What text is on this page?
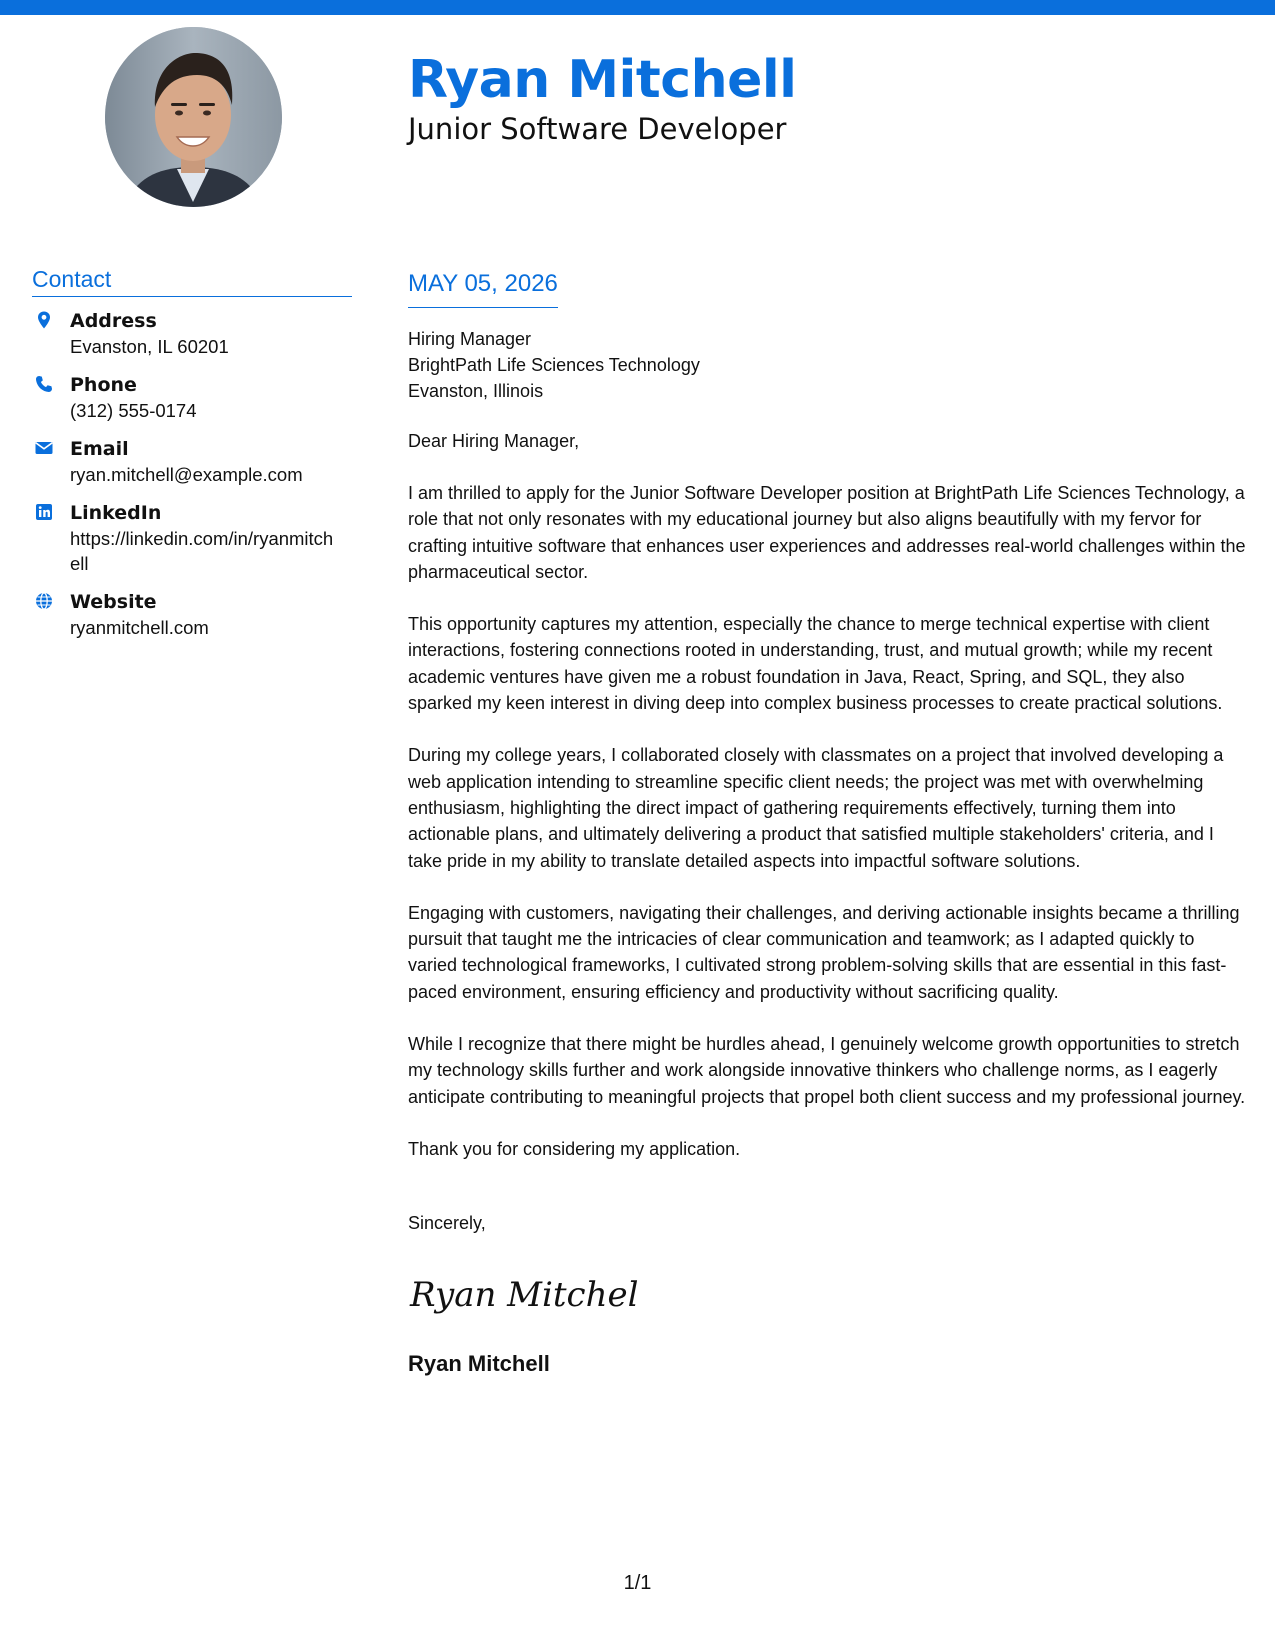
Ryan Mitchell
Junior Software Developer
Contact
Address
Evanston, IL 60201
Phone
(312) 555-0174
Email
ryan.mitchell@example.com
LinkedIn
https://linkedin.com/in/ryanmitchell
Website
ryanmitchell.com
MAY 05, 2026
Hiring Manager
BrightPath Life Sciences Technology
Evanston, Illinois
Dear Hiring Manager,
I am thrilled to apply for the Junior Software Developer position at BrightPath Life Sciences Technology, a role that not only resonates with my educational journey but also aligns beautifully with my fervor for crafting intuitive software that enhances user experiences and addresses real-world challenges within the pharmaceutical sector.
This opportunity captures my attention, especially the chance to merge technical expertise with client interactions, fostering connections rooted in understanding, trust, and mutual growth; while my recent academic ventures have given me a robust foundation in Java, React, Spring, and SQL, they also sparked my keen interest in diving deep into complex business processes to create practical solutions.
During my college years, I collaborated closely with classmates on a project that involved developing a web application intending to streamline specific client needs; the project was met with overwhelming enthusiasm, highlighting the direct impact of gathering requirements effectively, turning them into actionable plans, and ultimately delivering a product that satisfied multiple stakeholders' criteria, and I take pride in my ability to translate detailed aspects into impactful software solutions.
Engaging with customers, navigating their challenges, and deriving actionable insights became a thrilling pursuit that taught me the intricacies of clear communication and teamwork; as I adapted quickly to varied technological frameworks, I cultivated strong problem-solving skills that are essential in this fast-paced environment, ensuring efficiency and productivity without sacrificing quality.
While I recognize that there might be hurdles ahead, I genuinely welcome growth opportunities to stretch my technology skills further and work alongside innovative thinkers who challenge norms, as I eagerly anticipate contributing to meaningful projects that propel both client success and my professional journey.
Thank you for considering my application.
Sincerely,
Ryan Mitchell
Ryan Mitchell
1/1
